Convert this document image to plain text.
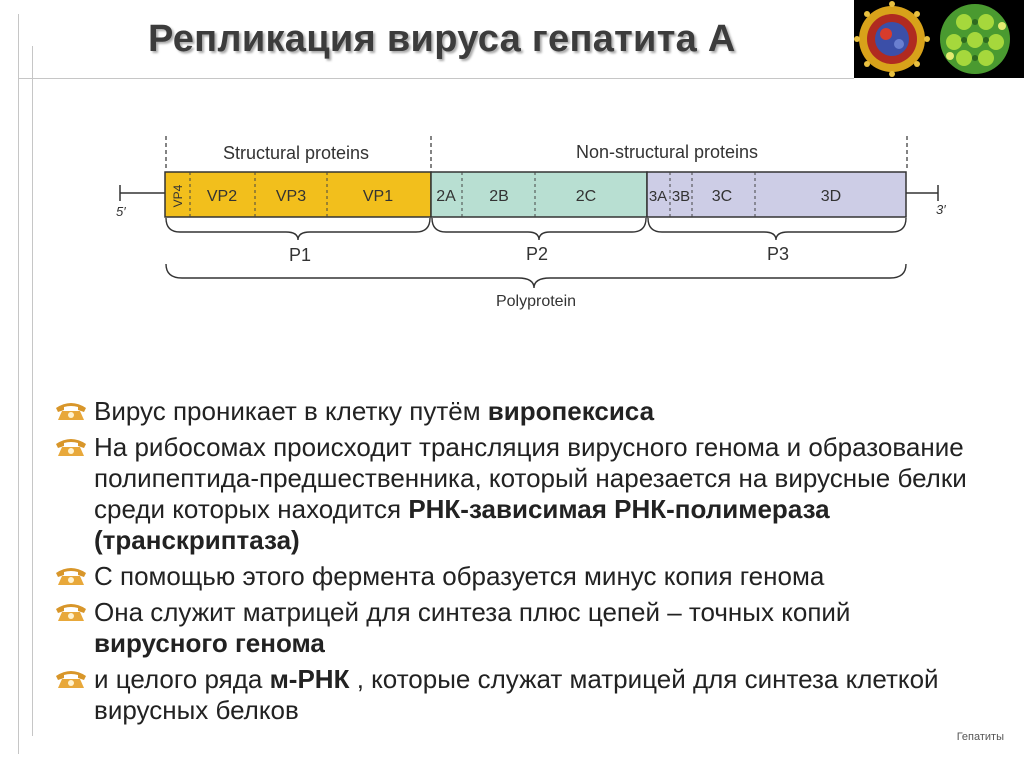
Репликация вируса гепатита А
Structural proteins	Non-structural proteins
5′	3′
VP4 VP2 VP3	VP1	2A 2B	2C	3A 3B 3C	3D
P1	P2	P3
Polyprotein
Вирус проникает в клетку путём виропексиса
На рибосомах происходит трансляция вирусного генома и образование полипептида-предшественника, который нарезается на вирусные белки среди которых находится РНК-зависимая РНК-полимераза (транскриптаза)
С помощью этого фермента образуется минус копия генома
Она служит матрицей для синтеза плюс цепей – точных копий вирусного генома
и целого ряда м-РНК , которые служат матрицей для синтеза клеткой вирусных белков
Гепатиты
